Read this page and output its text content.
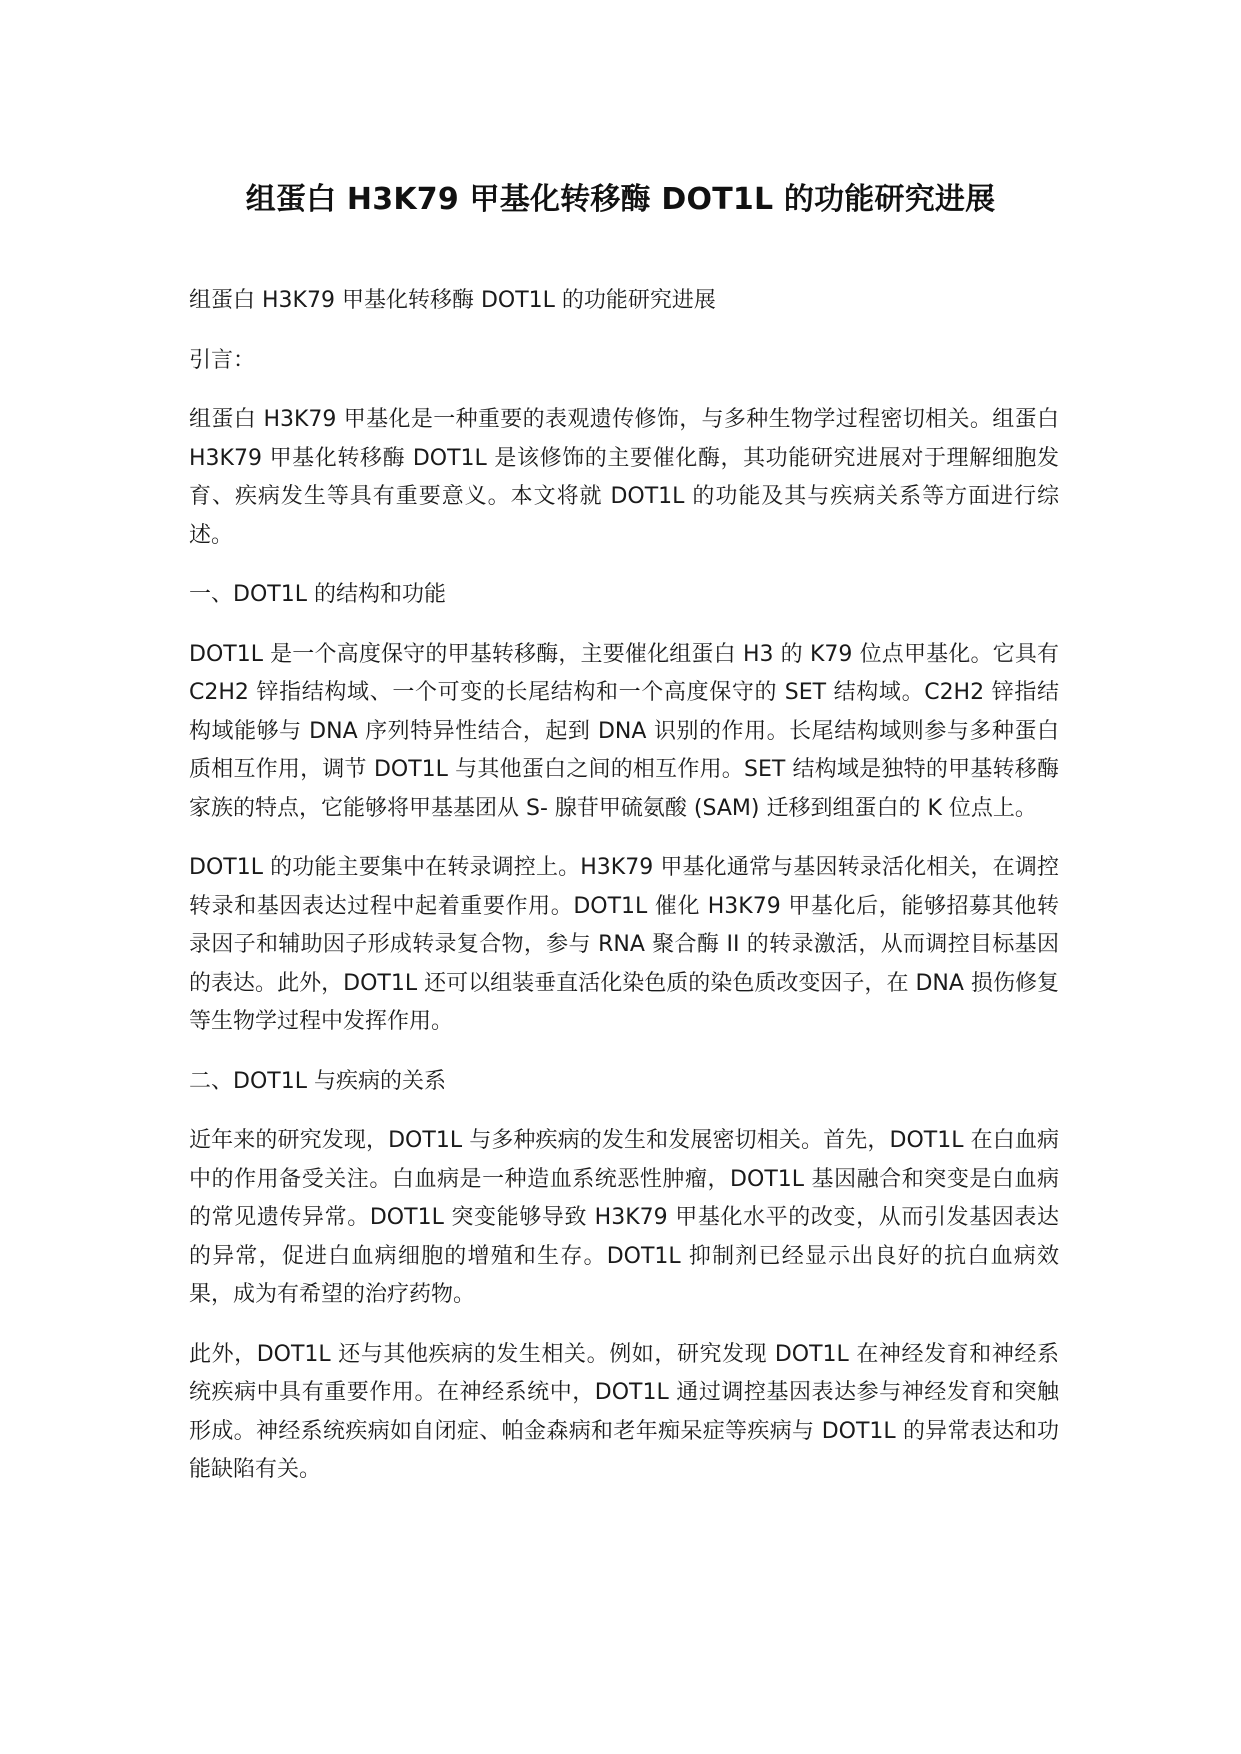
组蛋白 H3K79 甲基化转移酶 DOT1L 的功能研究进展

组蛋白 H3K79 甲基化转移酶 DOT1L 的功能研究进展

引言：

组蛋白 H3K79 甲基化是一种重要的表观遗传修饰，与多种生物学过程密切相关。组蛋白 H3K79 甲基化转移酶 DOT1L 是该修饰的主要催化酶，其功能研究进展对于理解细胞发育、疾病发生等具有重要意义。本文将就 DOT1L 的功能及其与疾病关系等方面进行综述。

一、DOT1L 的结构和功能

DOT1L 是一个高度保守的甲基转移酶，主要催化组蛋白 H3 的 K79 位点甲基化。它具有 C2H2 锌指结构域、一个可变的长尾结构和一个高度保守的 SET 结构域。C2H2 锌指结构域能够与 DNA 序列特异性结合，起到 DNA 识别的作用。长尾结构域则参与多种蛋白质相互作用，调节 DOT1L 与其他蛋白之间的相互作用。SET 结构域是独特的甲基转移酶家族的特点，它能够将甲基基团从 S- 腺苷甲硫氨酸 (SAM) 迁移到组蛋白的 K 位点上。

DOT1L 的功能主要集中在转录调控上。H3K79 甲基化通常与基因转录活化相关，在调控转录和基因表达过程中起着重要作用。DOT1L 催化 H3K79 甲基化后，能够招募其他转录因子和辅助因子形成转录复合物，参与 RNA 聚合酶 II 的转录激活，从而调控目标基因的表达。此外，DOT1L 还可以组装垂直活化染色质的染色质改变因子，在 DNA 损伤修复等生物学过程中发挥作用。

二、DOT1L 与疾病的关系

近年来的研究发现，DOT1L 与多种疾病的发生和发展密切相关。首先，DOT1L 在白血病中的作用备受关注。白血病是一种造血系统恶性肿瘤，DOT1L 基因融合和突变是白血病的常见遗传异常。DOT1L 突变能够导致 H3K79 甲基化水平的改变，从而引发基因表达的异常，促进白血病细胞的增殖和生存。DOT1L 抑制剂已经显示出良好的抗白血病效果，成为有希望的治疗药物。

此外，DOT1L 还与其他疾病的发生相关。例如，研究发现 DOT1L 在神经发育和神经系统疾病中具有重要作用。在神经系统中，DOT1L 通过调控基因表达参与神经发育和突触形成。神经系统疾病如自闭症、帕金森病和老年痴呆症等疾病与 DOT1L 的异常表达和功能缺陷有关。
